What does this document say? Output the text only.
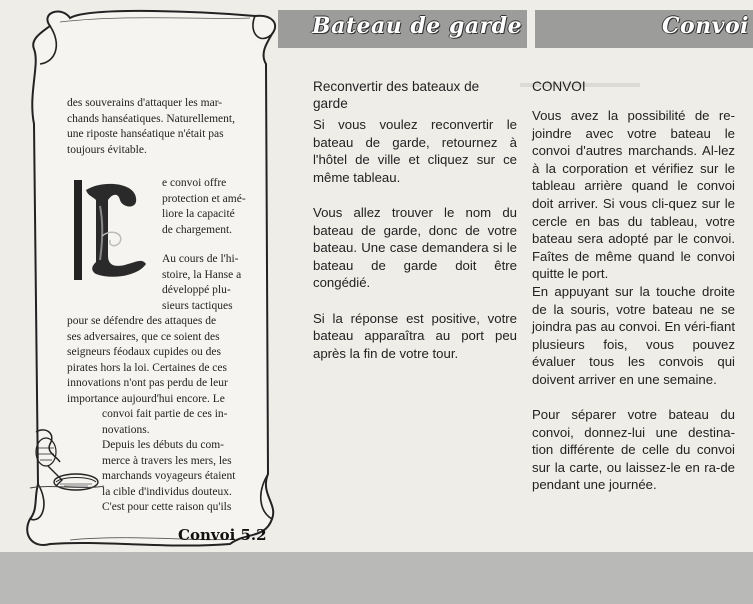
Bateau de garde	Convoi
des souverains d'attaquer les mar-
chands hanséatiques. Naturellement,
une riposte hanséatique n'était pas
toujours évitable.
e convoi offre
protection et amé-
liore la capacité
de chargement.
Au cours de l'hi-
stoire, la Hanse a
développé plu-
sieurs tactiques
pour se défendre des attaques de
ses adversaires, que ce soient des
seigneurs féodaux cupides ou des
pirates hors la loi. Certaines de ces
innovations n'ont pas perdu de leur
importance aujourd'hui encore. Le
convoi fait partie de ces in-
novations.
Depuis les débuts du com-
merce à travers les mers, les
marchands voyageurs étaient
la cible d'individus douteux.
C'est pour cette raison qu'ils
Convoi 5.2
Reconvertir des bateaux de garde

Si vous voulez reconvertir le bateau de garde, retournez à l'hôtel de ville et cliquez sur ce même tableau.

Vous allez trouver le nom du bateau de garde, donc de votre bateau. Une case demandera si le bateau de garde doit être congédié.

Si la réponse est positive, votre bateau apparaîtra au port peu après la fin de votre tour.

CONVOI

Vous avez la possibilité de re-joindre avec votre bateau le convoi d'autres marchands. Al-lez à la corporation et vérifiez sur le tableau arrière quand le convoi doit arriver. Si vous cli-quez sur le cercle en bas du tableau, votre bateau sera adopté par le convoi. Faîtes de même quand le convoi quitte le port.

En appuyant sur la touche droite de la souris, votre bateau ne se joindra pas au convoi. En véri-fiant plusieurs fois, vous pouvez évaluer tous les convois qui doivent arriver en une semaine.

Pour séparer votre bateau du convoi, donnez-lui une destina-tion différente de celle du convoi sur la carte, ou laissez-le en ra-de pendant une journée.
